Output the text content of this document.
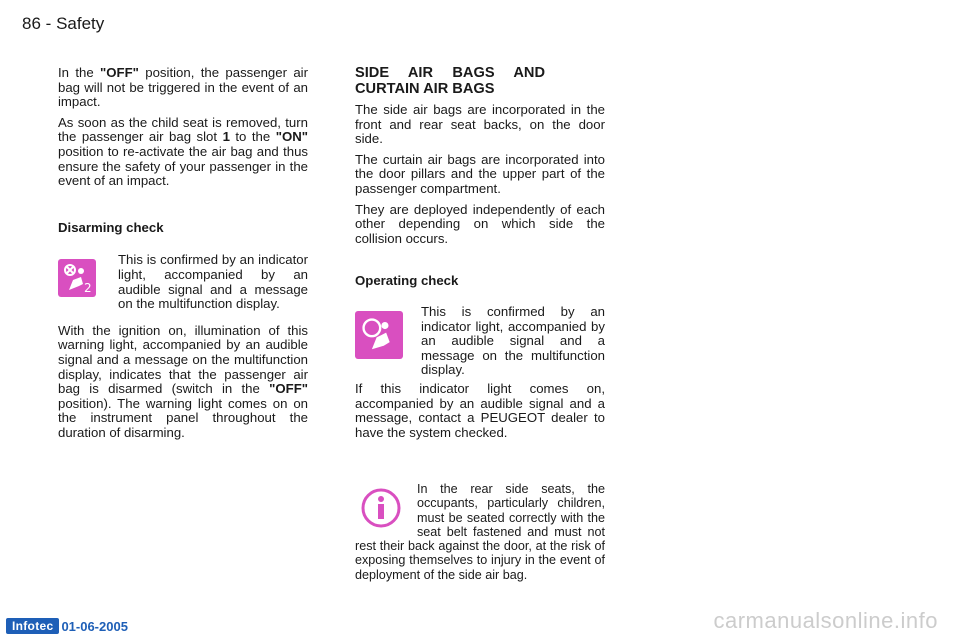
86 - Safety

In the "OFF" position, the passenger air bag will not be triggered in the event of an impact.

As soon as the child seat is removed, turn the passenger air bag slot 1 to the "ON" position to re-activate the air bag and thus ensure the safety of your passenger in the event of an impact.

Disarming check

2
This is confirmed by an indicator light, accompanied by an audible signal and a message on the multifunction display.

With the ignition on, illumination of this warning light, accompanied by an audible signal and a message on the multifunction display, indicates that the passenger air bag is disarmed (switch in the "OFF" position). The warning light comes on on the instrument panel throughout the duration of disarming.

SIDE AIR BAGS AND CURTAIN AIR BAGS

The side air bags are incorporated in the front and rear seat backs, on the door side.

The curtain air bags are incorporated into the door pillars and the upper part of the passenger compartment.

They are deployed independently of each other depending on which side the collision occurs.

Operating check

This is confirmed by an indicator light, accompanied by an audible signal and a message on the multifunction display.

If this indicator light comes on, accompanied by an audible signal and a message, contact a PEUGEOT dealer to have the system checked.

In the rear side seats, the occupants, particularly children, must be seated correctly with the seat belt fastened and must not rest their back against the door, at the risk of exposing themselves to injury in the event of deployment of the side air bag.
Infotec 01-06-2005	carmanualsonline.info
